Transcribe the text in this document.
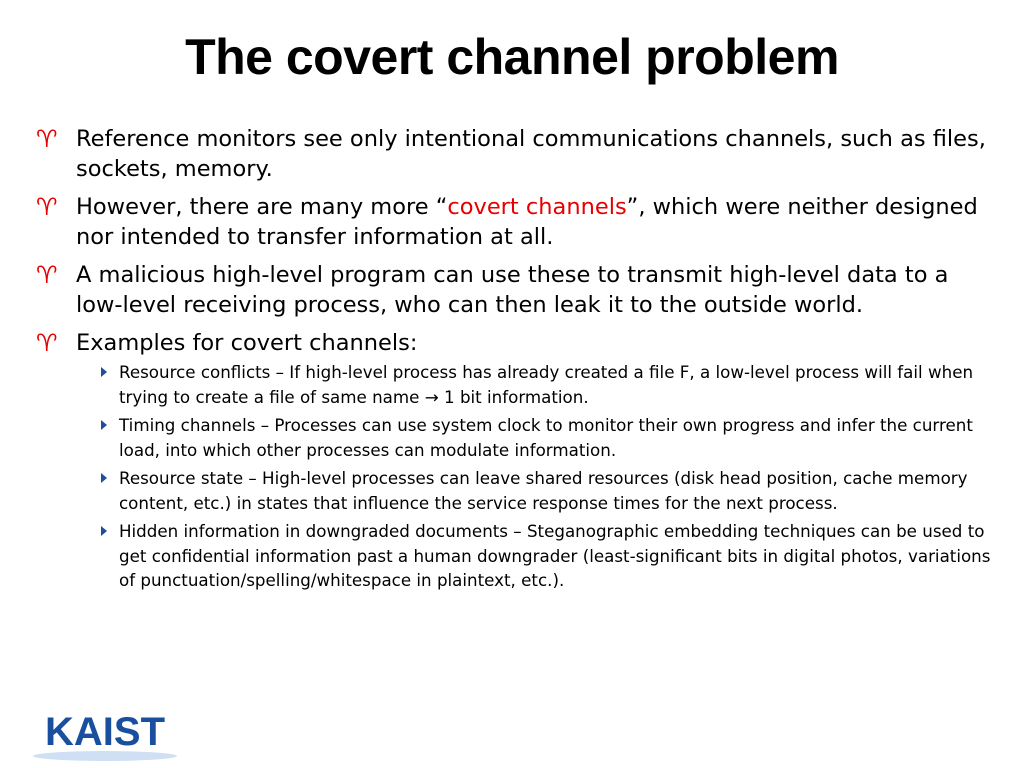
The covert channel problem
♈ Reference monitors see only intentional communications channels, such as files, sockets, memory.
♈ However, there are many more “covert channels”, which were neither designed nor intended to transfer information at all.
♈ A malicious high-level program can use these to transmit high-level data to a low-level receiving process, who can then leak it to the outside world.
♈ Examples for covert channels:
Resource conflicts – If high-level process has already created a file F, a low-level process will fail when trying to create a file of same name → 1 bit information.
Timing channels – Processes can use system clock to monitor their own progress and infer the current load, into which other processes can modulate information.
Resource state – High-level processes can leave shared resources (disk head position, cache memory content, etc.) in states that influence the service response times for the next process.
Hidden information in downgraded documents – Steganographic embedding techniques can be used to get confidential information past a human downgrader (least-significant bits in digital photos, variations of punctuation/spelling/whitespace in plaintext, etc.).
KAIST
